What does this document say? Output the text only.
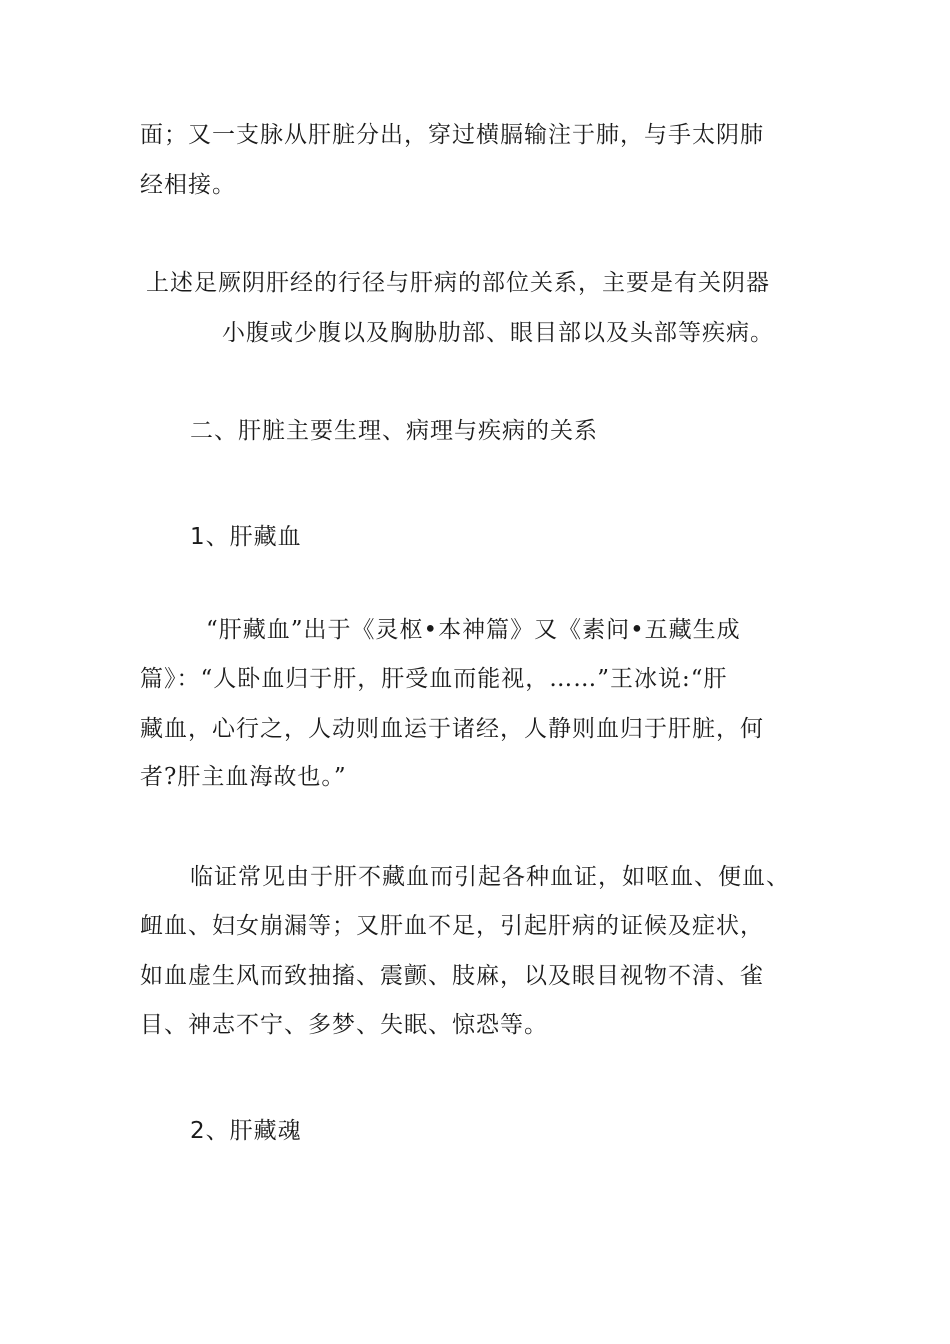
面；又一支脉从肝脏分出，穿过横膈输注于肺，与手太阴肺
经相接。
上述足厥阴肝经的行径与肝病的部位关系，主要是有关阴器
小腹或少腹以及胸胁肋部、眼目部以及头部等疾病。
二、肝脏主要生理、病理与疾病的关系
1、肝藏血
“肝藏血”出于《灵枢•本神篇》又《素问•五藏生成
篇》：“人卧血归于肝，肝受血而能视，……”王冰说:“肝
藏血，心行之，人动则血运于诸经，人静则血归于肝脏，何
者?肝主血海故也。”
临证常见由于肝不藏血而引起各种血证，如呕血、便血、
衄血、妇女崩漏等；又肝血不足，引起肝病的证候及症状，
如血虚生风而致抽搐、震颤、肢麻，以及眼目视物不清、雀
目、神志不宁、多梦、失眠、惊恐等。
2、肝藏魂
